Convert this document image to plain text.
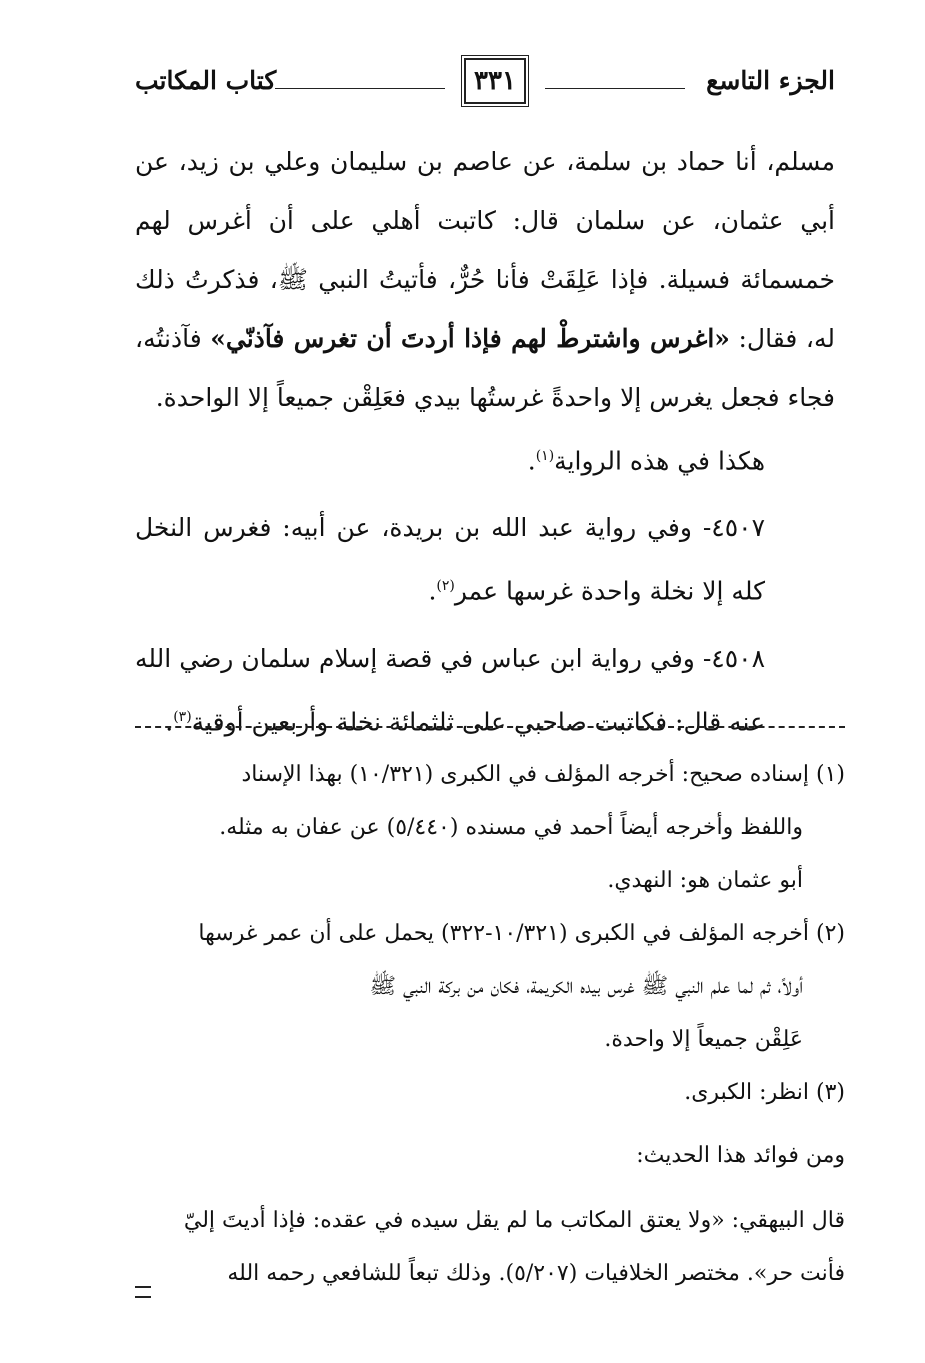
الجزء التاسع
٣٣١
كتاب المكاتب

مسلم، أنا حماد بن سلمة، عن عاصم بن سليمان وعلي بن زيد، عن أبي عثمان، عن سلمان قال: كاتبت أهلي على أن أغرس لهم خمسمائة فسيلة. فإذا عَلِقَتْ فأنا حُرٌّ، فأتيتُ النبي ﷺ، فذكرتُ ذلك له، فقال: «اغرس واشترطْ لهم فإذا أردتَ أن تغرس فآذنّي» فآذنتُه، فجاء فجعل يغرس إلا واحدةً غرستُها بيدي فعَلِقْن جميعاً إلا الواحدة.

هكذا في هذه الرواية$^{(١)}$.

٤٥٠٧- وفي رواية عبد الله بن بريدة، عن أبيه: فغرس النخل كله إلا نخلة واحدة غرسها عمر$^{(٢)}$.

٤٥٠٨- وفي رواية ابن عباس في قصة إسلام سلمان رضي الله عنه قال: فكاتبت صاحبي على ثلثمائة نخلة وأربعين أوقية$^{(٣)}$.

(١) إسناده صحيح: أخرجه المؤلف في الكبرى (١٠/٣٢١) بهذا الإسناد

واللفظ وأخرجه أيضاً أحمد في مسنده (٥/٤٤٠) عن عفان به مثله.

أبو عثمان هو: النهدي.

(٢) أخرجه المؤلف في الكبرى (١٠/٣٢١-٣٢٢) يحمل على أن عمر غرسها

أولاً، ثم لما علم النبي ﷺ غرس بيده الكريمة، فكان من بركة النبي ﷺ

عَلِقْن جميعاً إلا واحدة.

(٣) انظر: الكبرى.

ومن فوائد هذا الحديث:

قال البيهقي: «ولا يعتق المكاتب ما لم يقل سيده في عقده: فإذا أديتَ إليّ

فأنت حر». مختصر الخلافيات (٥/٢٠٧). وذلك تبعاً للشافعي رحمه الله
